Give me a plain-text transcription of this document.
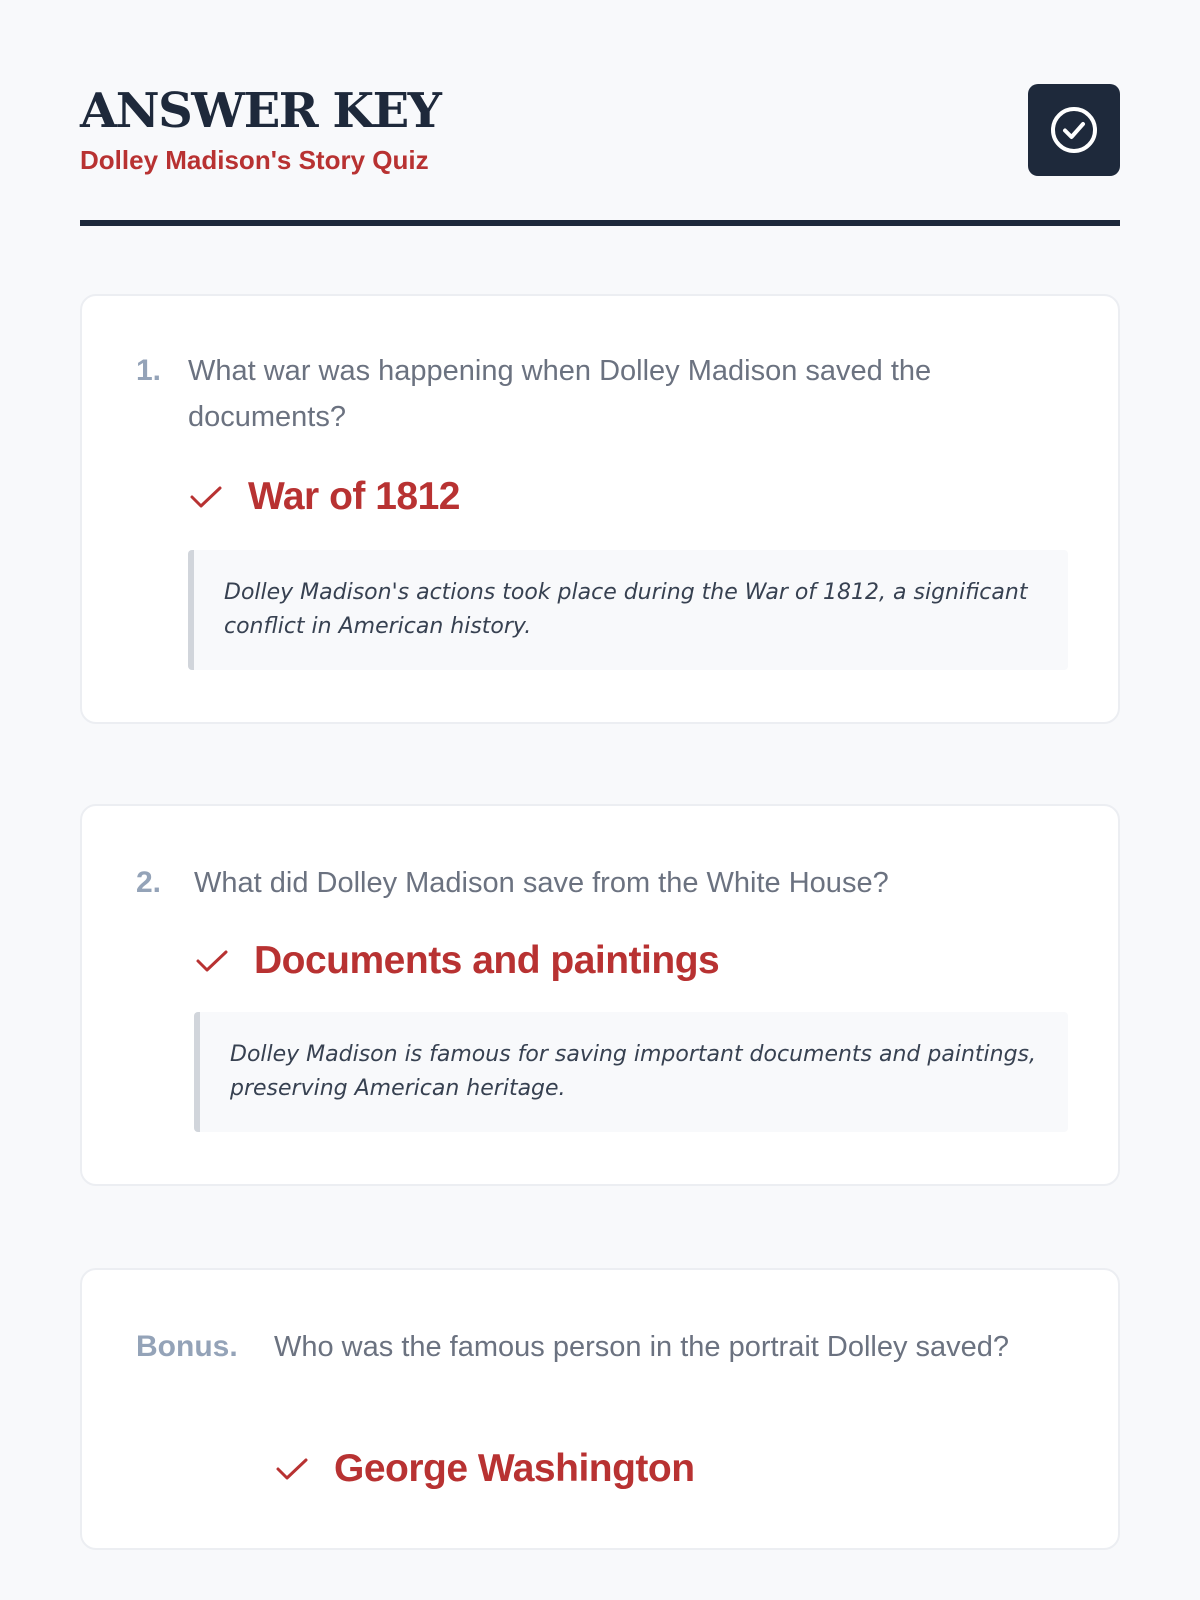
ANSWER KEY
Dolley Madison's Story Quiz
1. What war was happening when Dolley Madison saved the documents?
War of 1812
Dolley Madison's actions took place during the War of 1812, a significant conflict in American history.
2. What did Dolley Madison save from the White House?
Documents and paintings
Dolley Madison is famous for saving important documents and paintings, preserving American heritage.
Bonus. Who was the famous person in the portrait Dolley saved?
George Washington
